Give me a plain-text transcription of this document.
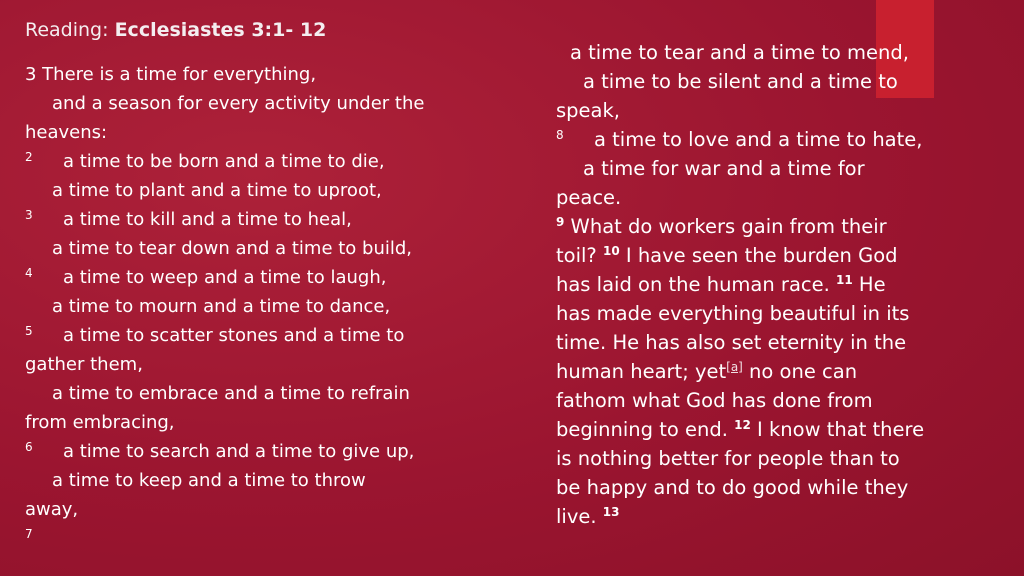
Reading: Ecclesiastes 3:1- 12

3 There is a time for everything,

and a season for every activity under the

heavens:

2 a time to be born and a time to die,

a time to plant and a time to uproot,

3 a time to kill and a time to heal,

a time to tear down and a time to build,

4 a time to weep and a time to laugh,

a time to mourn and a time to dance,

5 a time to scatter stones and a time to

gather them,

a time to embrace and a time to refrain

from embracing,

6 a time to search and a time to give up,

a time to keep and a time to throw

away,

7

a time to tear and a time to mend,

a time to be silent and a time to

speak,

8 a time to love and a time to hate,

a time for war and a time for

peace.

$^9$ What do workers gain from their

toil? $^{10}$ I have seen the burden God

has laid on the human race. $^{11}$ He

has made everything beautiful in its

time. He has also set eternity in the

human heart; yet[a] no one can

fathom what God has done from

beginning to end. $^{12}$ I know that there

is nothing better for people than to

be happy and to do good while they

live. $^{13}$
